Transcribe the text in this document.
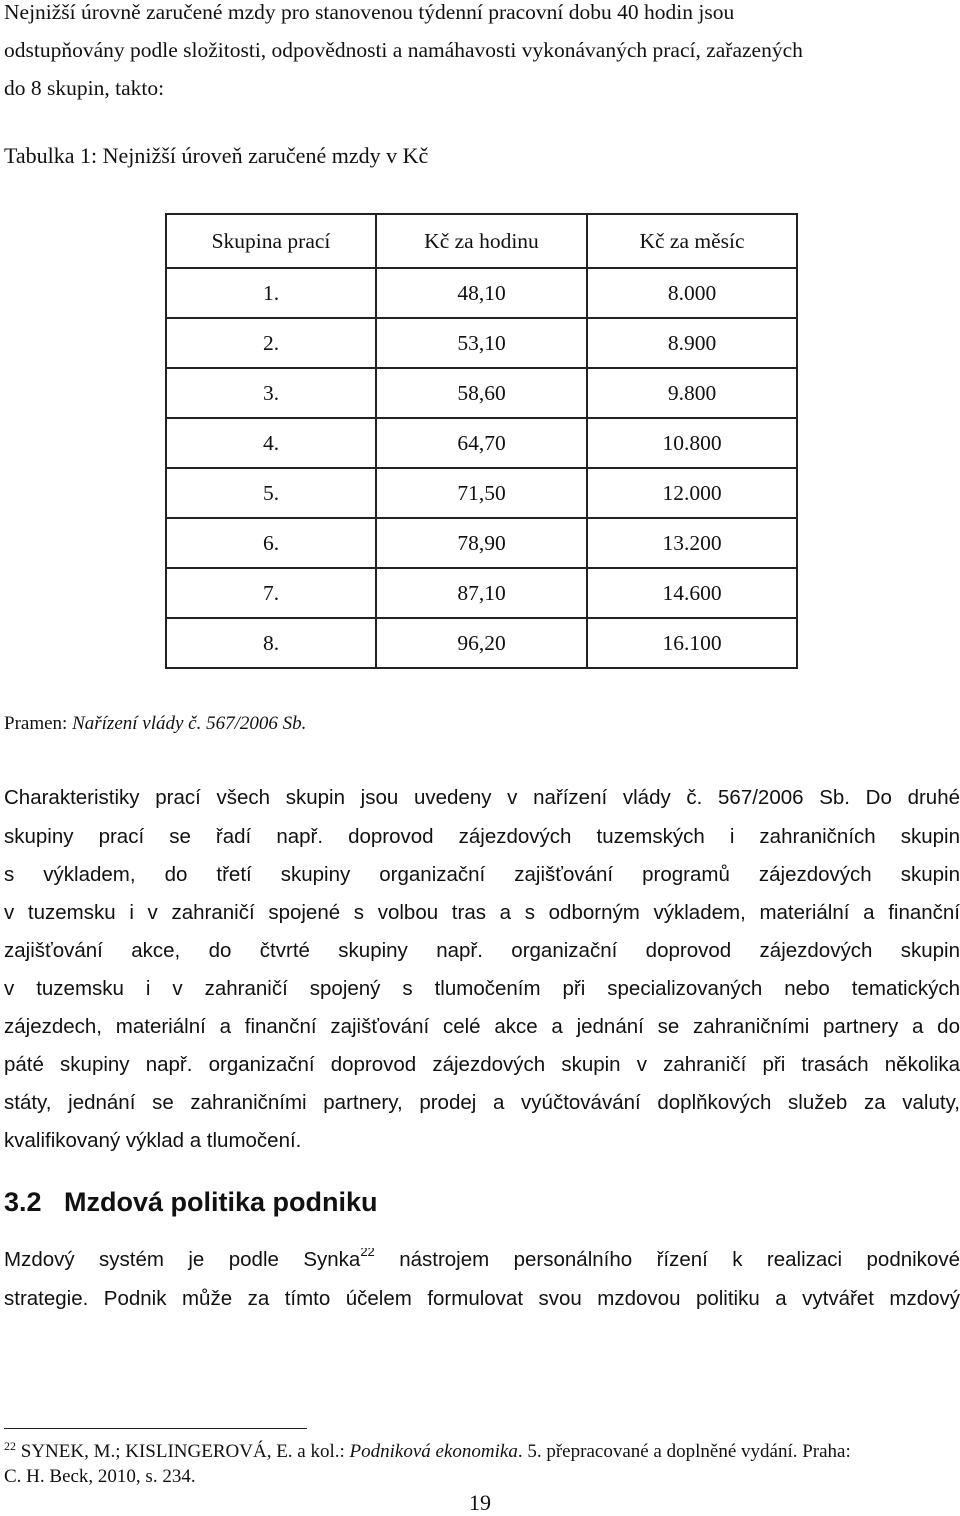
Nejnižší úrovně zaručené mzdy pro stanovenou týdenní pracovní dobu 40 hodin jsou
odstupňovány podle složitosti, odpovědnosti a namáhavosti vykonávaných prací, zařazených
do 8 skupin, takto:
Tabulka 1: Nejnižší úroveň zaručené mzdy v Kč
Skupina prací	Kč za hodinu	Kč za měsíc
1.	48,10	8.000
2.	53,10	8.900
3.	58,60	9.800
4.	64,70	10.800
5.	71,50	12.000
6.	78,90	13.200
7.	87,10	14.600
8.	96,20	16.100
Pramen: Nařízení vlády č. 567/2006 Sb.
Charakteristiky prací všech skupin jsou uvedeny v nařízení vlády č. 567/2006 Sb. Do druhé
skupiny prací se řadí např. doprovod zájezdových tuzemských i zahraničních skupin
s výkladem, do třetí skupiny organizační zajišťování programů zájezdových skupin
v tuzemsku i v zahraničí spojené s volbou tras a s odborným výkladem, materiální a finanční
zajišťování akce, do čtvrté skupiny např. organizační doprovod zájezdových skupin
v tuzemsku i v zahraničí spojený s tlumočením při specializovaných nebo tematických
zájezdech, materiální a finanční zajišťování celé akce a jednání se zahraničními partnery a do
páté skupiny např. organizační doprovod zájezdových skupin v zahraničí při trasách několika
státy, jednání se zahraničními partnery, prodej a vyúčtovávání doplňkových služeb za valuty,
kvalifikovaný výklad a tlumočení.
3.2 Mzdová politika podniku
Mzdový systém je podle Synka$^{22}$ nástrojem personálního řízení k realizaci podnikové
strategie. Podnik může za tímto účelem formulovat svou mzdovou politiku a vytvářet mzdový
$^{22}$ SYNEK, M.; KISLINGEROVÁ, E. a kol.: Podniková ekonomika. 5. přepracované a doplněné vydání. Praha:
C. H. Beck, 2010, s. 234.
19
